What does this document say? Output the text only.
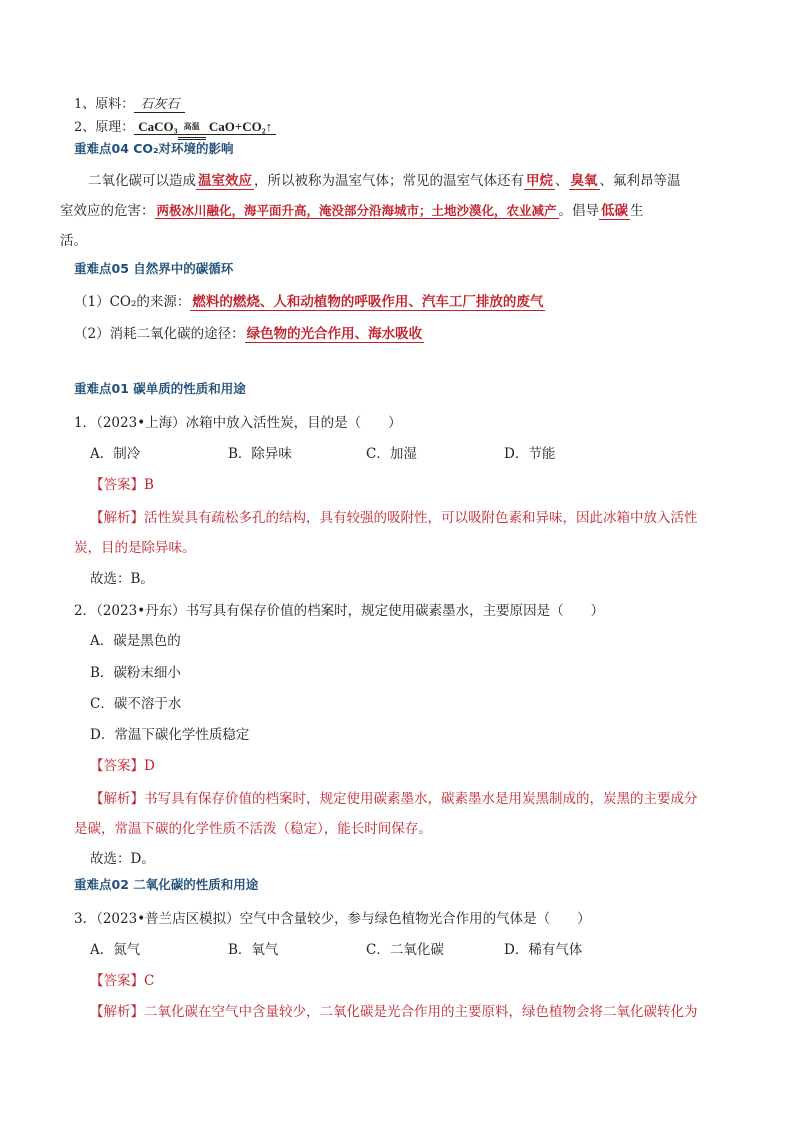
1、原料： 石灰石
2、原理： CaCO₃ 高温 CaO+CO₂↑
重难点04 CO₂对环境的影响
二氧化碳可以造成 温室效应 ，所以被称为温室气体；常见的温室气体还有 甲烷 、 臭氧 、氟利昂等温
室效应的危害： 两极冰川融化，海平面升高，淹没部分沿海城市；土地沙漠化，农业减产 。倡导 低碳 生
活。
重难点05 自然界中的碳循环
（1）CO₂的来源： 燃料的燃烧、人和动植物的呼吸作用、汽车工厂排放的废气
（2）消耗二氧化碳的途径： 绿色物的光合作用、海水吸收
重难点01 碳单质的性质和用途
1．（2023•上海）冰箱中放入活性炭，目的是（　　）
A．制冷	B．除异味	C．加湿	D．节能
【答案】B
【解析】活性炭具有疏松多孔的结构，具有较强的吸附性，可以吸附色素和异味，因此冰箱中放入活性
炭，目的是除异味。
故选：B。
2．（2023•丹东）书写具有保存价值的档案时，规定使用碳素墨水，主要原因是（　　）
A．碳是黑色的
B．碳粉末细小
C．碳不溶于水
D．常温下碳化学性质稳定
【答案】D
【解析】书写具有保存价值的档案时，规定使用碳素墨水，碳素墨水是用炭黑制成的，炭黑的主要成分
是碳，常温下碳的化学性质不活泼（稳定），能长时间保存。
故选：D。
重难点02 二氧化碳的性质和用途
3．（2023•普兰店区模拟）空气中含量较少，参与绿色植物光合作用的气体是（　　）
A．氮气	B．氧气	C．二氧化碳	D．稀有气体
【答案】C
【解析】二氧化碳在空气中含量较少，二氧化碳是光合作用的主要原料，绿色植物会将二氧化碳转化为
